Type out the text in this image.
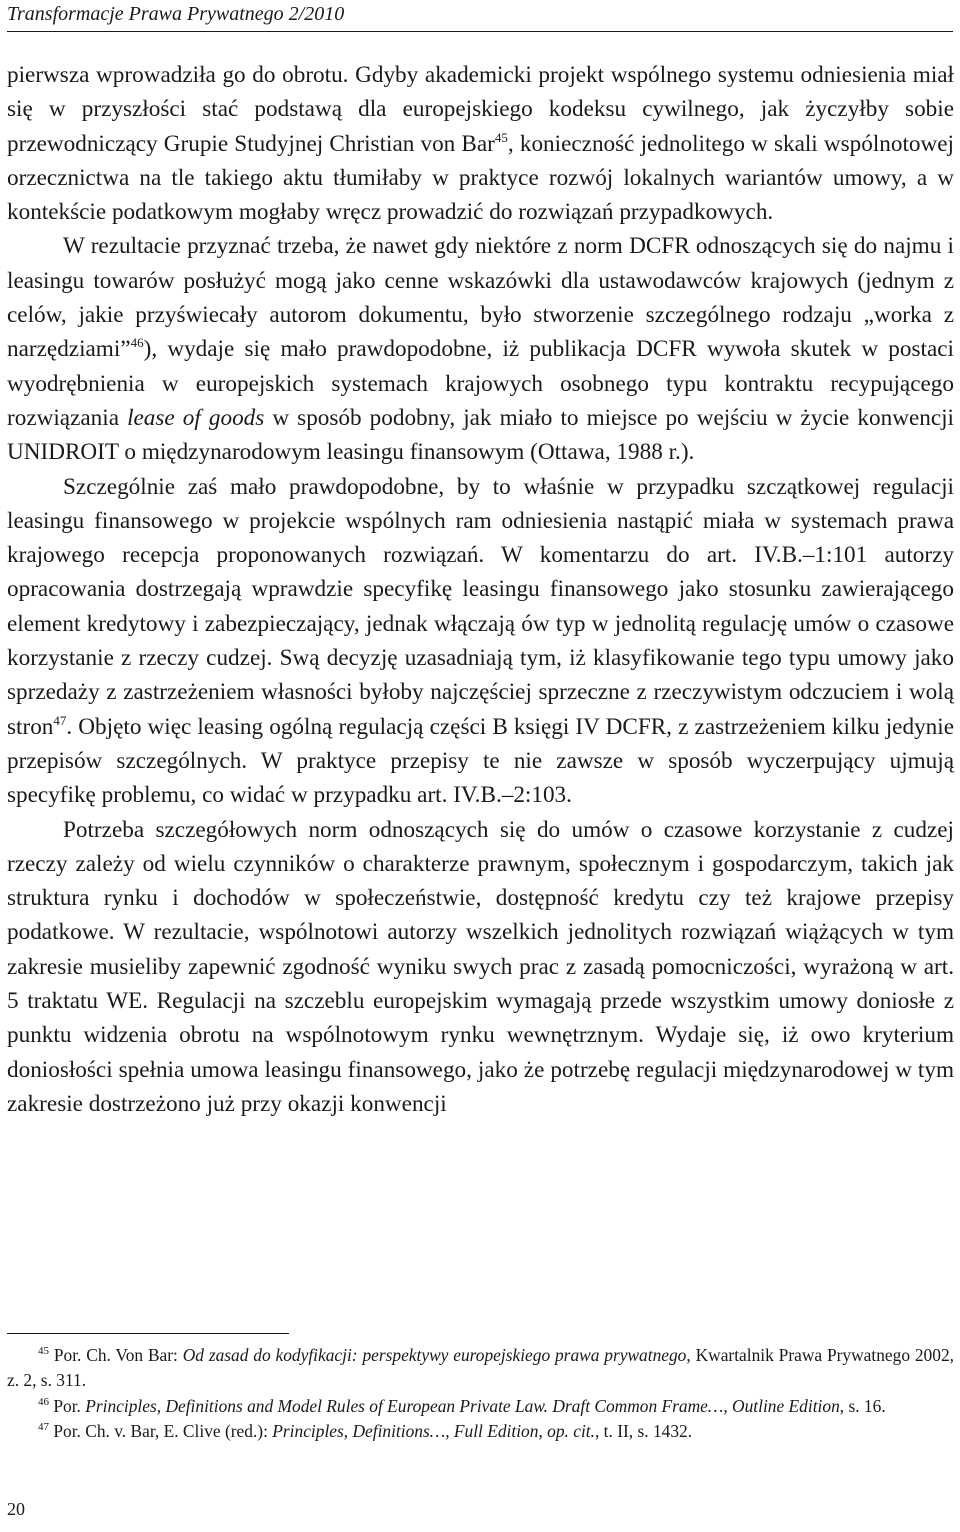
Transformacje Prawa Prywatnego 2/2010

pierwsza wprowadziła go do obrotu. Gdyby akademicki projekt wspólnego systemu odniesienia miał się w przyszłości stać podstawą dla europejskiego kodeksu cywilnego, jak życzyłby sobie przewodniczący Grupie Studyjnej Christian von Bar$^{45}$, konieczność jednolitego w skali wspólnotowej orzecznictwa na tle takiego aktu tłumiłaby w praktyce rozwój lokalnych wariantów umowy, a w kontekście podatkowym mogłaby wręcz prowadzić do rozwiązań przypadkowych.

W rezultacie przyznać trzeba, że nawet gdy niektóre z norm DCFR odnoszących się do najmu i leasingu towarów posłużyć mogą jako cenne wskazówki dla ustawodawców krajowych (jednym z celów, jakie przyświecały autorom dokumentu, było stworzenie szczególnego rodzaju „worka z narzędziami”$^{46}$), wydaje się mało prawdopodobne, iż publikacja DCFR wywoła skutek w postaci wyodrębnienia w europejskich systemach krajowych osobnego typu kontraktu recypującego rozwiązania lease of goods w sposób podobny, jak miało to miejsce po wejściu w życie konwencji UNIDROIT o międzynarodowym leasingu finansowym (Ottawa, 1988 r.).

Szczególnie zaś mało prawdopodobne, by to właśnie w przypadku szczątkowej regulacji leasingu finansowego w projekcie wspólnych ram odniesienia nastąpić miała w systemach prawa krajowego recepcja proponowanych rozwiązań. W komentarzu do art. IV.B.–1:101 autorzy opracowania dostrzegają wprawdzie specyfikę leasingu finansowego jako stosunku zawierającego element kredytowy i zabezpieczający, jednak włączają ów typ w jednolitą regulację umów o czasowe korzystanie z rzeczy cudzej. Swą decyzję uzasadniają tym, iż klasyfikowanie tego typu umowy jako sprzedaży z zastrzeżeniem własności byłoby najczęściej sprzeczne z rzeczywistym odczuciem i wolą stron$^{47}$. Objęto więc leasing ogólną regulacją części B księgi IV DCFR, z zastrzeżeniem kilku jedynie przepisów szczególnych. W praktyce przepisy te nie zawsze w sposób wyczerpujący ujmują specyfikę problemu, co widać w przypadku art. IV.B.–2:103.

Potrzeba szczegółowych norm odnoszących się do umów o czasowe korzystanie z cudzej rzeczy zależy od wielu czynników o charakterze prawnym, społecznym i gospodarczym, takich jak struktura rynku i dochodów w społeczeństwie, dostępność kredytu czy też krajowe przepisy podatkowe. W rezultacie, wspólnotowi autorzy wszelkich jednolitych rozwiązań wiążących w tym zakresie musieliby zapewnić zgodność wyniku swych prac z zasadą pomocniczości, wyrażoną w art. 5 traktatu WE. Regulacji na szczeblu europejskim wymagają przede wszystkim umowy doniosłe z punktu widzenia obrotu na wspólnotowym rynku wewnętrznym. Wydaje się, iż owo kryterium doniosłości spełnia umowa leasingu finansowego, jako że potrzebę regulacji międzynarodowej w tym zakresie dostrzeżono już przy okazji konwencji

$^{45}$ Por. Ch. Von Bar: Od zasad do kodyfikacji: perspektywy europejskiego prawa prywatnego, Kwartalnik Prawa Prywatnego 2002, z. 2, s. 311.

$^{46}$ Por. Principles, Definitions and Model Rules of European Private Law. Draft Common Frame…, Outline Edition, s. 16.

$^{47}$ Por. Ch. v. Bar, E. Clive (red.): Principles, Definitions…, Full Edition, op. cit., t. II, s. 1432.

20
